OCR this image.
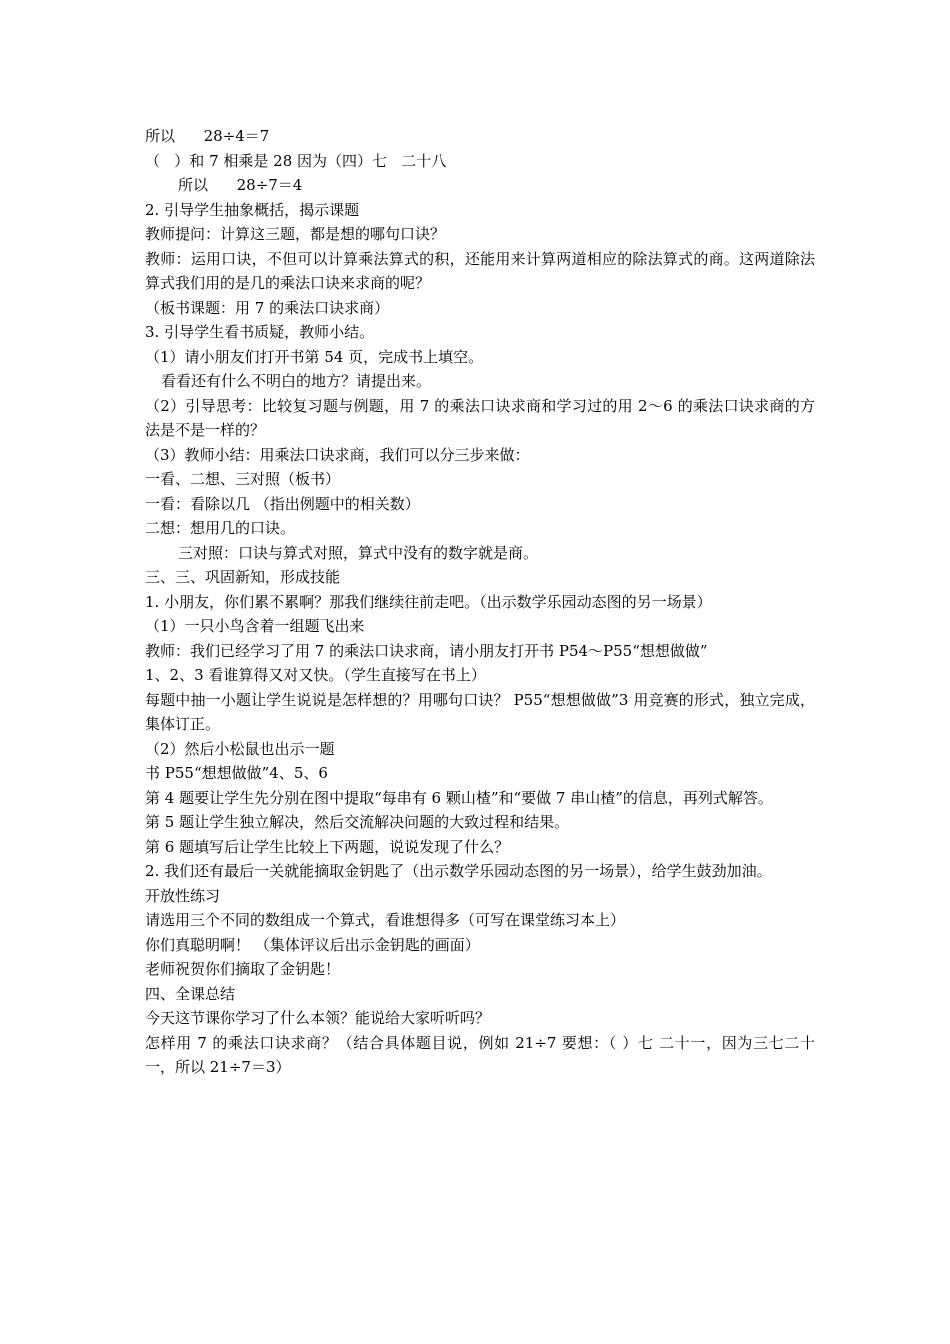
所以      28÷4＝7
（   ）和 7 相乘是 28 因为（四）七   二十八
所以      28÷7＝4
2. 引导学生抽象概括，揭示课题
教师提问：计算这三题，都是想的哪句口诀？
教师：运用口诀，不但可以计算乘法算式的积，还能用来计算两道相应的除法算式的商。这两道除法算式我们用的是几的乘法口诀来求商的呢？
（板书课题：用 7 的乘法口诀求商）
3. 引导学生看书质疑，教师小结。
（1）请小朋友们打开书第 54 页，完成书上填空。
看看还有什么不明白的地方？请提出来。
（2）引导思考：比较复习题与例题，用 7 的乘法口诀求商和学习过的用 2～6 的乘法口诀求商的方法是不是一样的？
（3）教师小结：用乘法口诀求商，我们可以分三步来做：
一看、二想、三对照（板书）
一看：看除以几 （指出例题中的相关数）
二想：想用几的口诀。
三对照：口诀与算式对照，算式中没有的数字就是商。
三、三、巩固新知，形成技能
1. 小朋友，你们累不累啊？那我们继续往前走吧。（出示数学乐园动态图的另一场景）
（1）一只小鸟含着一组题飞出来
教师：我们已经学习了用 7 的乘法口诀求商，请小朋友打开书 P54～P55“想想做做”
1、2、3 看谁算得又对又快。（学生直接写在书上）
每题中抽一小题让学生说说是怎样想的？用哪句口诀？ P55“想想做做”3 用竞赛的形式，独立完成，集体订正。
（2）然后小松鼠也出示一题
书 P55“想想做做”4、5、6
第 4 题要让学生先分别在图中提取“每串有 6 颗山楂”和“要做 7 串山楂”的信息，再列式解答。
第 5 题让学生独立解决，然后交流解决问题的大致过程和结果。
第 6 题填写后让学生比较上下两题，说说发现了什么？
2. 我们还有最后一关就能摘取金钥匙了（出示数学乐园动态图的另一场景），给学生鼓劲加油。
开放性练习
请选用三个不同的数组成一个算式，看谁想得多（可写在课堂练习本上）
你们真聪明啊！ （集体评议后出示金钥匙的画面）
老师祝贺你们摘取了金钥匙！
四、全课总结
今天这节课你学习了什么本领？能说给大家听听吗？
怎样用 7 的乘法口诀求商？（结合具体题目说，例如 21÷7 要想：（ ）七 二十一，因为三七二十一，所以 21÷7＝3）
